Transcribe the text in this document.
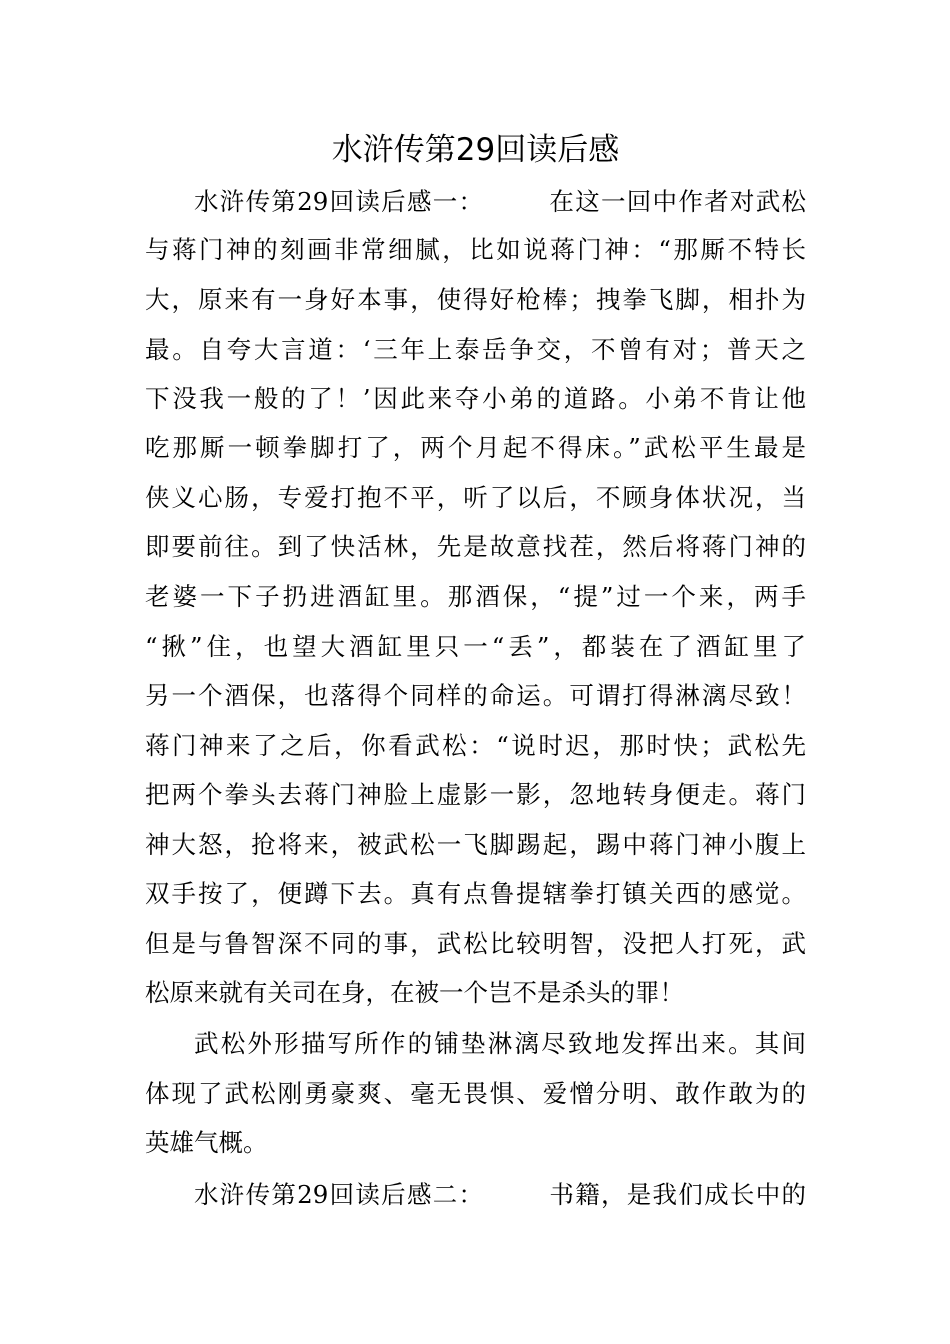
水浒传第29回读后感
水浒传第29回读后感一：　　　在这一回中作者对武松
与蒋门神的刻画非常细腻，比如说蒋门神：“那厮不特长
大，原来有一身好本事，使得好枪棒；拽拳飞脚，相扑为
最。自夸大言道：‘三年上泰岳争交，不曾有对；普天之
下没我一般的了！’因此来夺小弟的道路。小弟不肯让他
吃那厮一顿拳脚打了，两个月起不得床。”武松平生最是
侠义心肠，专爱打抱不平，听了以后，不顾身体状况，当
即要前往。到了快活林，先是故意找茬，然后将蒋门神的
老婆一下子扔进酒缸里。那酒保，“提”过一个来，两手
“揪”住，也望大酒缸里只一“丢”，都装在了酒缸里了
另一个酒保，也落得个同样的命运。可谓打得淋漓尽致！
蒋门神来了之后，你看武松：“说时迟，那时快；武松先
把两个拳头去蒋门神脸上虚影一影，忽地转身便走。蒋门
神大怒，抢将来，被武松一飞脚踢起，踢中蒋门神小腹上
双手按了，便蹲下去。真有点鲁提辖拳打镇关西的感觉。
但是与鲁智深不同的事，武松比较明智，没把人打死，武
松原来就有关司在身，在被一个岂不是杀头的罪！
武松外形描写所作的铺垫淋漓尽致地发挥出来。其间
体现了武松刚勇豪爽、毫无畏惧、爱憎分明、敢作敢为的
英雄气概。
水浒传第29回读后感二：　　　书籍，是我们成长中的
